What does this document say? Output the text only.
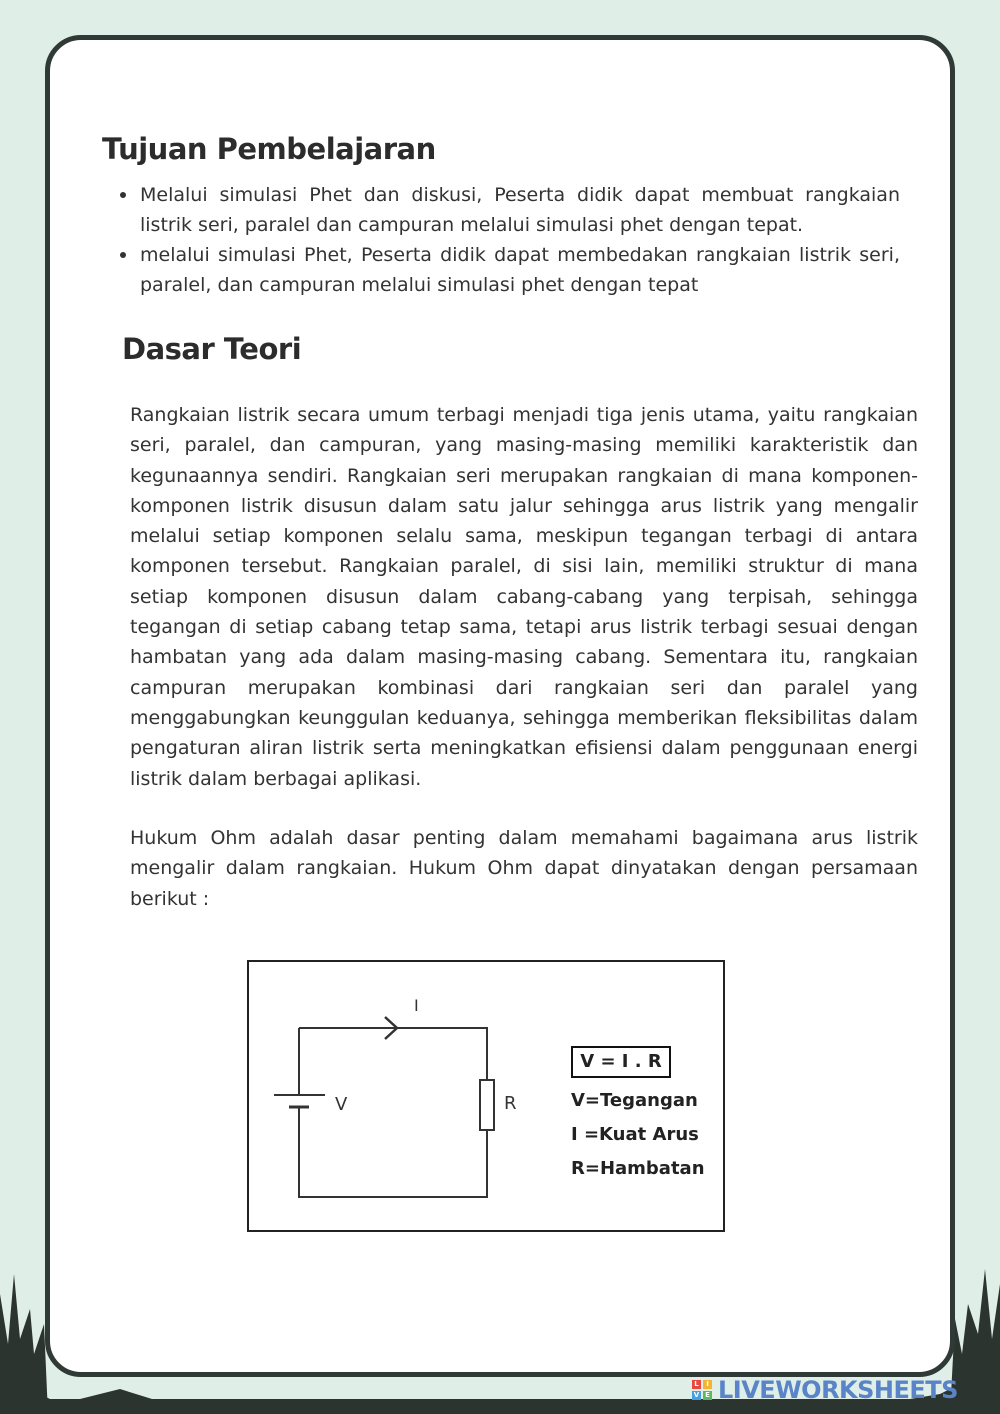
Tujuan Pembelajaran
Melalui simulasi Phet dan diskusi, Peserta didik dapat membuat rangkaian listrik seri, paralel dan campuran melalui simulasi phet dengan tepat.
melalui simulasi Phet, Peserta didik dapat membedakan rangkaian listrik seri, paralel, dan campuran melalui simulasi phet dengan tepat
Dasar Teori

Rangkaian listrik secara umum terbagi menjadi tiga jenis utama, yaitu rangkaian seri, paralel, dan campuran, yang masing-masing memiliki karakteristik dan kegunaannya sendiri. Rangkaian seri merupakan rangkaian di mana komponen-komponen listrik disusun dalam satu jalur sehingga arus listrik yang mengalir melalui setiap komponen selalu sama, meskipun tegangan terbagi di antara komponen tersebut. Rangkaian paralel, di sisi lain, memiliki struktur di mana setiap komponen disusun dalam cabang-cabang yang terpisah, sehingga tegangan di setiap cabang tetap sama, tetapi arus listrik terbagi sesuai dengan hambatan yang ada dalam masing-masing cabang. Sementara itu, rangkaian campuran merupakan kombinasi dari rangkaian seri dan paralel yang menggabungkan keunggulan keduanya, sehingga memberikan fleksibilitas dalam pengaturan aliran listrik serta meningkatkan efisiensi dalam penggunaan energi listrik dalam berbagai aplikasi.

Hukum Ohm adalah dasar penting dalam memahami bagaimana arus listrik mengalir dalam rangkaian. Hukum Ohm dapat dinyatakan dengan persamaan berikut :

I
V	R
V = I . R
V=Tegangan
I =Kuat Arus
R=Hambatan
L	I
V E LIVEWORKSHEETS
